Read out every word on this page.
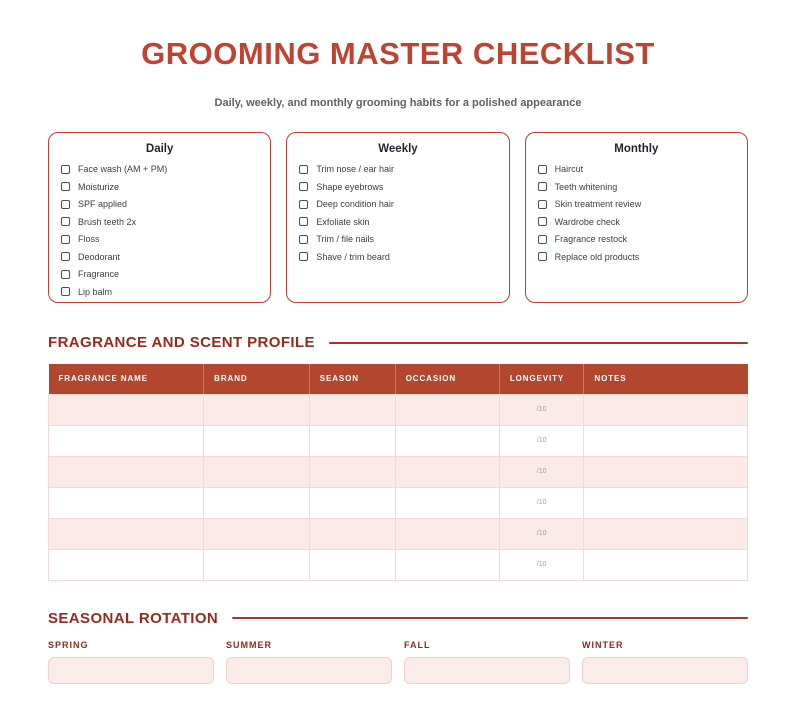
GROOMING MASTER CHECKLIST
Daily, weekly, and monthly grooming habits for a polished appearance
Daily
Face wash (AM + PM)
Moisturize
SPF applied
Brush teeth 2x
Floss
Deodorant
Fragrance
Lip balm
Weekly
Trim nose / ear hair
Shape eyebrows
Deep condition hair
Exfoliate skin
Trim / file nails
Shave / trim beard
Monthly
Haircut
Teeth whitening
Skin treatment review
Wardrobe check
Fragrance restock
Replace old products
FRAGRANCE AND SCENT PROFILE
FRAGRANCE NAME	BRAND	SEASON	OCCASION	LONGEVITY	NOTES
				/10	
				/10	
				/10	
				/10	
				/10	
				/10	
SEASONAL ROTATION
SPRING	SUMMER	FALL	WINTER
